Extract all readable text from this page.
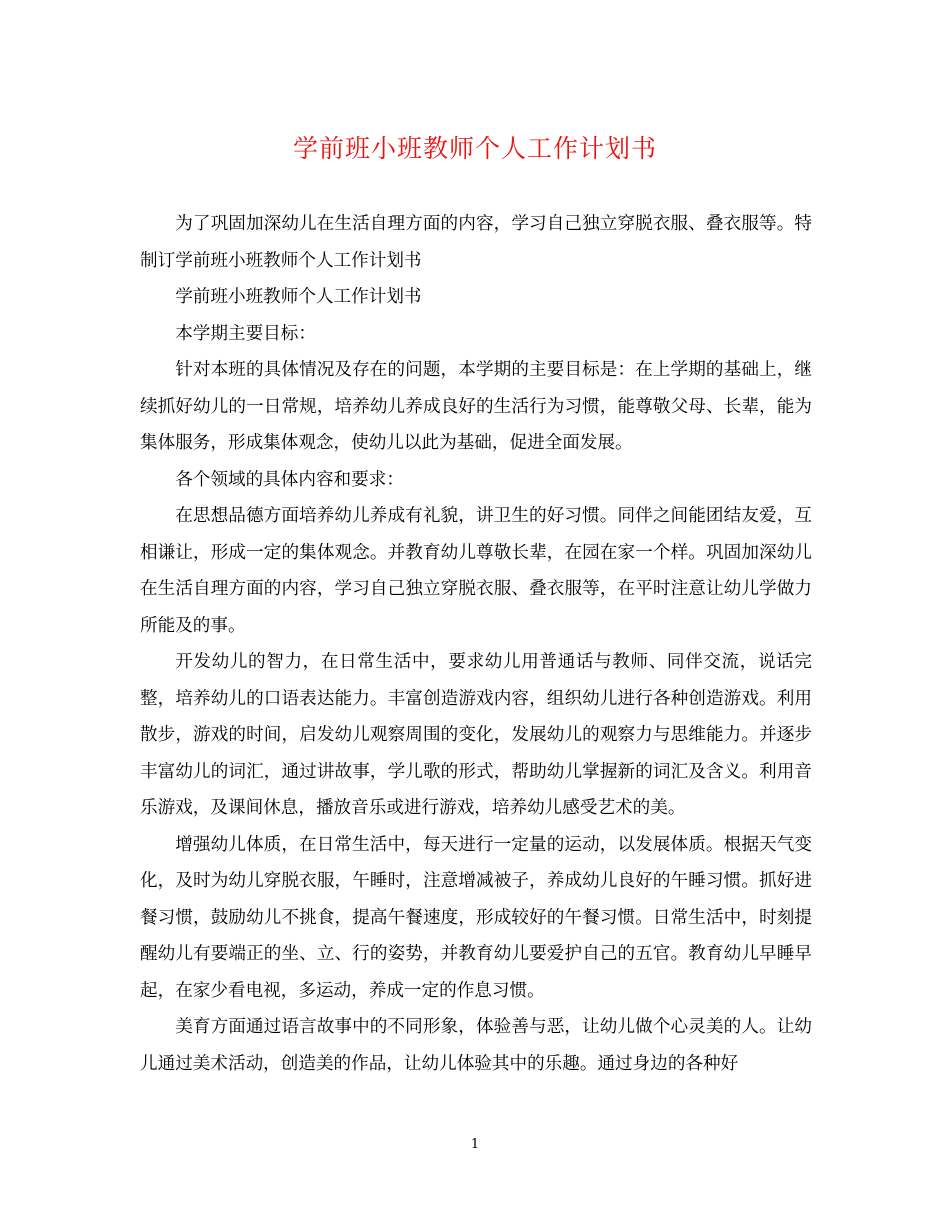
学前班小班教师个人工作计划书

为了巩固加深幼儿在生活自理方面的内容，学习自己独立穿脱衣服、叠衣服等。特制订学前班小班教师个人工作计划书

学前班小班教师个人工作计划书

本学期主要目标：

针对本班的具体情况及存在的问题，本学期的主要目标是：在上学期的基础上，继续抓好幼儿的一日常规，培养幼儿养成良好的生活行为习惯，能尊敬父母、长辈，能为集体服务，形成集体观念，使幼儿以此为基础，促进全面发展。

各个领域的具体内容和要求：

在思想品德方面培养幼儿养成有礼貌，讲卫生的好习惯。同伴之间能团结友爱，互相谦让，形成一定的集体观念。并教育幼儿尊敬长辈，在园在家一个样。巩固加深幼儿在生活自理方面的内容，学习自己独立穿脱衣服、叠衣服等，在平时注意让幼儿学做力所能及的事。

开发幼儿的智力，在日常生活中，要求幼儿用普通话与教师、同伴交流，说话完整，培养幼儿的口语表达能力。丰富创造游戏内容，组织幼儿进行各种创造游戏。利用散步，游戏的时间，启发幼儿观察周围的变化，发展幼儿的观察力与思维能力。并逐步丰富幼儿的词汇，通过讲故事，学儿歌的形式，帮助幼儿掌握新的词汇及含义。利用音乐游戏，及课间休息，播放音乐或进行游戏，培养幼儿感受艺术的美。

增强幼儿体质，在日常生活中，每天进行一定量的运动，以发展体质。根据天气变化，及时为幼儿穿脱衣服，午睡时，注意增减被子，养成幼儿良好的午睡习惯。抓好进餐习惯，鼓励幼儿不挑食，提高午餐速度，形成较好的午餐习惯。日常生活中，时刻提醒幼儿有要端正的坐、立、行的姿势，并教育幼儿要爱护自己的五官。教育幼儿早睡早起，在家少看电视，多运动，养成一定的作息习惯。

美育方面通过语言故事中的不同形象，体验善与恶，让幼儿做个心灵美的人。让幼儿通过美术活动，创造美的作品，让幼儿体验其中的乐趣。通过身边的各种好

1
